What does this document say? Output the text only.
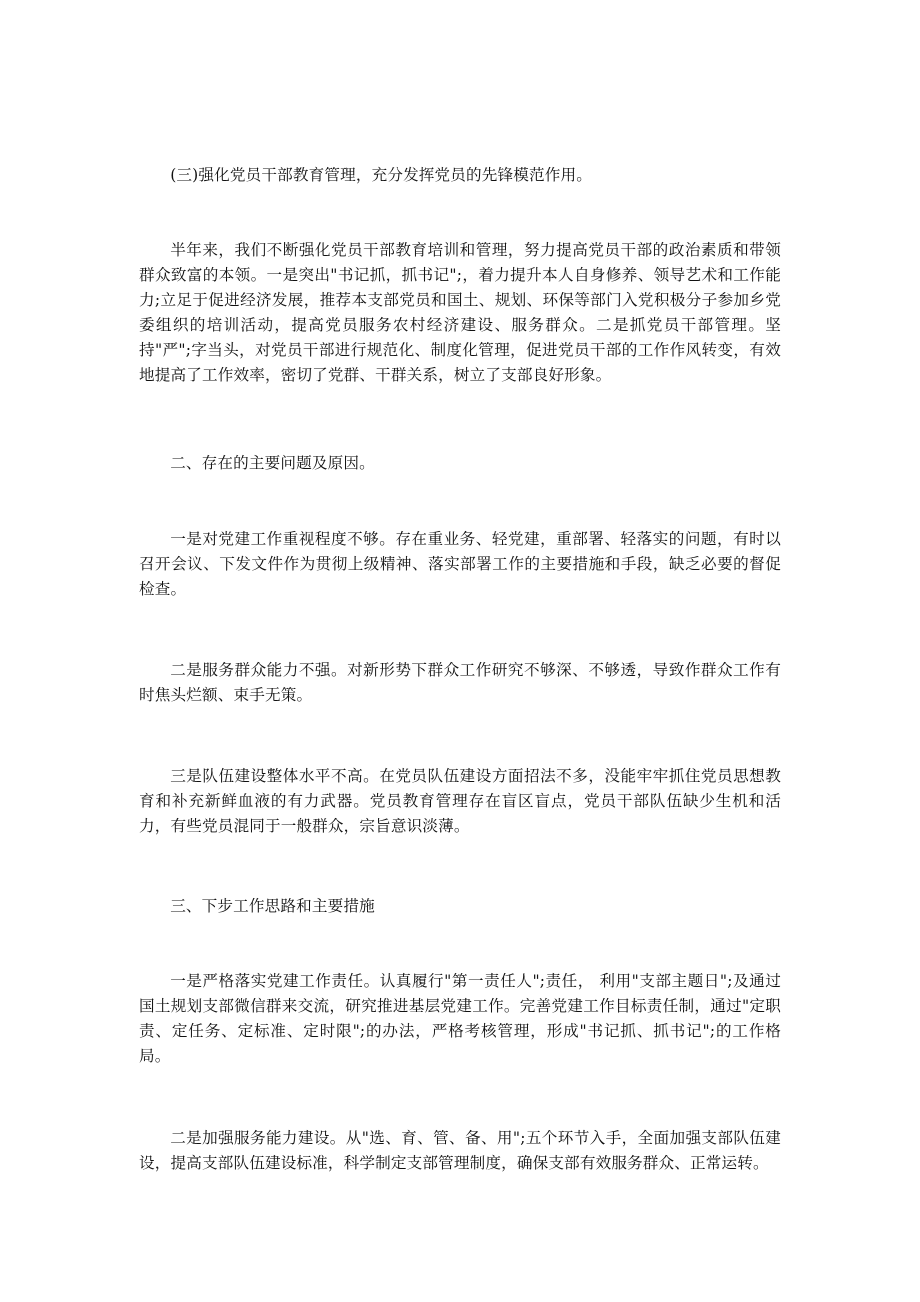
(三)强化党员干部教育管理，充分发挥党员的先锋模范作用。

半年来，我们不断强化党员干部教育培训和管理，努力提高党员干部的政治素质和带领群众致富的本领。一是突出"书记抓，抓书记";，着力提升本人自身修养、领导艺术和工作能力;立足于促进经济发展，推荐本支部党员和国土、规划、环保等部门入党积极分子参加乡党委组织的培训活动，提高党员服务农村经济建设、服务群众。二是抓党员干部管理。坚持"严";字当头，对党员干部进行规范化、制度化管理，促进党员干部的工作作风转变，有效地提高了工作效率，密切了党群、干群关系，树立了支部良好形象。

二、存在的主要问题及原因。

一是对党建工作重视程度不够。存在重业务、轻党建，重部署、轻落实的问题，有时以召开会议、下发文件作为贯彻上级精神、落实部署工作的主要措施和手段，缺乏必要的督促检查。

二是服务群众能力不强。对新形势下群众工作研究不够深、不够透，导致作群众工作有时焦头烂额、束手无策。

三是队伍建设整体水平不高。在党员队伍建设方面招法不多，没能牢牢抓住党员思想教育和补充新鲜血液的有力武器。党员教育管理存在盲区盲点，党员干部队伍缺少生机和活力，有些党员混同于一般群众，宗旨意识淡薄。

三、下步工作思路和主要措施

一是严格落实党建工作责任。认真履行"第一责任人";责任， 利用"支部主题日";及通过国土规划支部微信群来交流，研究推进基层党建工作。完善党建工作目标责任制，通过"定职责、定任务、定标准、定时限";的办法，严格考核管理，形成"书记抓、抓书记";的工作格局。

二是加强服务能力建设。从"选、育、管、备、用";五个环节入手，全面加强支部队伍建设，提高支部队伍建设标准，科学制定支部管理制度，确保支部有效服务群众、正常运转。
